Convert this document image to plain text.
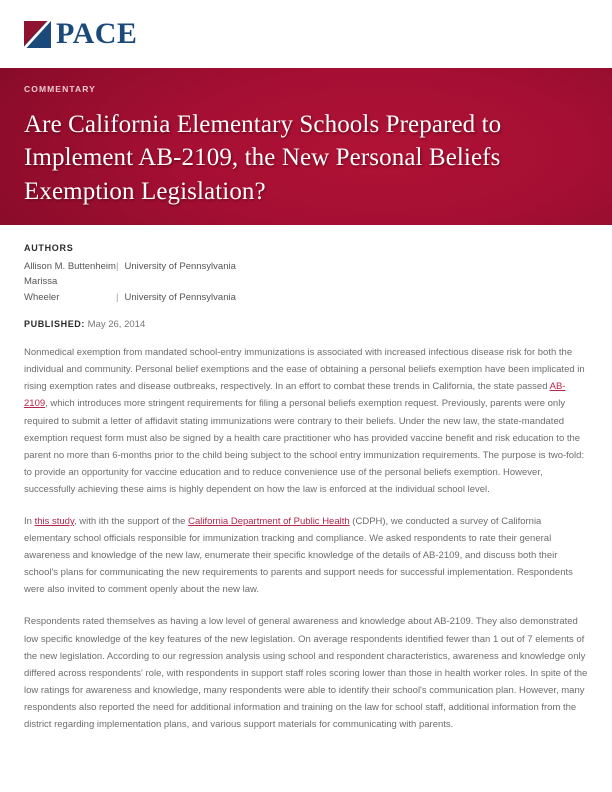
PACE
COMMENTARY
Are California Elementary Schools Prepared to Implement AB-2109, the New Personal Beliefs Exemption Legislation?
AUTHORS
Allison M. Buttenheim | University of Pennsylvania
Marissa
Wheeler	| University of Pennsylvania
PUBLISHED: May 26, 2014

Nonmedical exemption from mandated school-entry immunizations is associated with increased infectious disease risk for both the individual and community. Personal belief exemptions and the ease of obtaining a personal beliefs exemption have been implicated in rising exemption rates and disease outbreaks, respectively. In an effort to combat these trends in California, the state passed AB-2109, which introduces more stringent requirements for filing a personal beliefs exemption request. Previously, parents were only required to submit a letter of affidavit stating immunizations were contrary to their beliefs. Under the new law, the state-mandated exemption request form must also be signed by a health care practitioner who has provided vaccine benefit and risk education to the parent no more than 6-months prior to the child being subject to the school entry immunization requirements. The purpose is two-fold: to provide an opportunity for vaccine education and to reduce convenience use of the personal beliefs exemption. However, successfully achieving these aims is highly dependent on how the law is enforced at the individual school level.

In this study, with ith the support of the California Department of Public Health (CDPH), we conducted a survey of California elementary school officials responsible for immunization tracking and compliance. We asked respondents to rate their general awareness and knowledge of the new law, enumerate their specific knowledge of the details of AB-2109, and discuss both their school's plans for communicating the new requirements to parents and support needs for successful implementation. Respondents were also invited to comment openly about the new law.

Respondents rated themselves as having a low level of general awareness and knowledge about AB-2109. They also demonstrated low specific knowledge of the key features of the new legislation. On average respondents identified fewer than 1 out of 7 elements of the new legislation. According to our regression analysis using school and respondent characteristics, awareness and knowledge only differed across respondents' role, with respondents in support staff roles scoring lower than those in health worker roles. In spite of the low ratings for awareness and knowledge, many respondents were able to identify their school's communication plan. However, many respondents also reported the need for additional information and training on the law for school staff, additional information from the district regarding implementation plans, and various support materials for communicating with parents.
